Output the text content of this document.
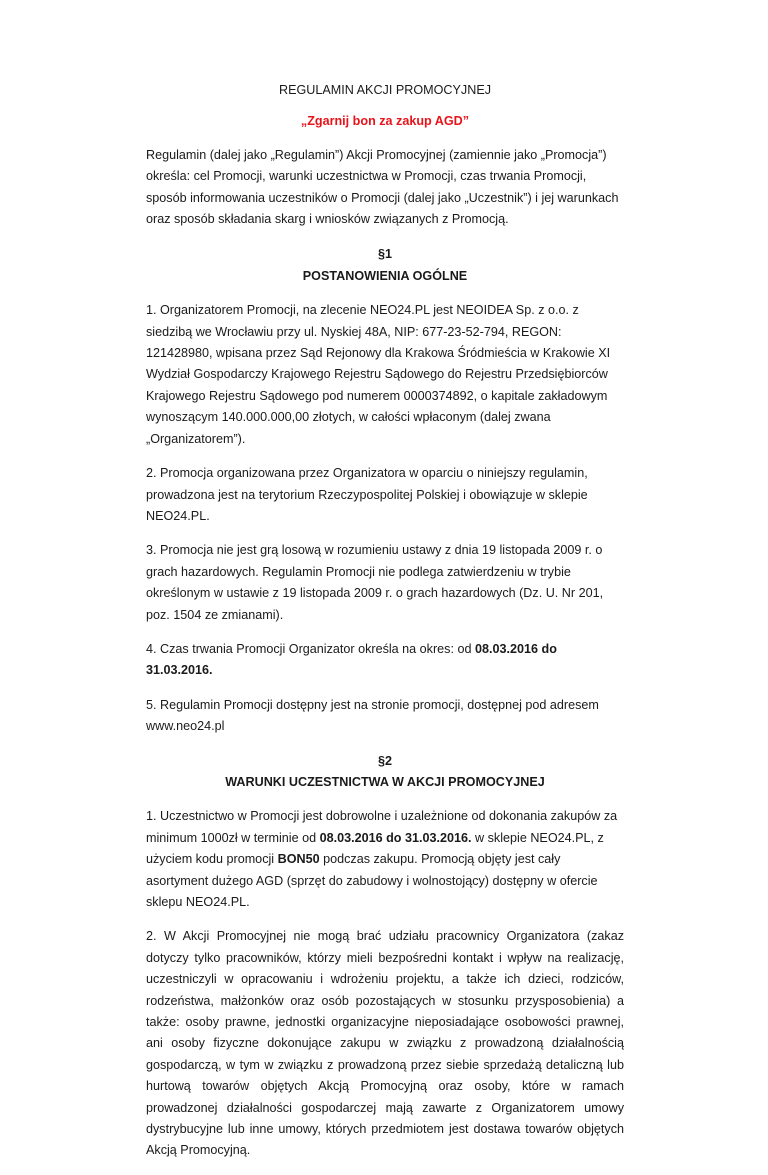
REGULAMIN AKCJI PROMOCYJNEJ

„Zgarnij bon za zakup AGD”

Regulamin (dalej jako „Regulamin”) Akcji Promocyjnej (zamiennie jako „Promocja”) określa: cel Promocji, warunki uczestnictwa w Promocji, czas trwania Promocji, sposób informowania uczestników o Promocji (dalej jako „Uczestnik”) i jej warunkach oraz sposób składania skarg i wniosków związanych z Promocją.

§1
POSTANOWIENIA OGÓLNE

1. Organizatorem Promocji, na zlecenie NEO24.PL jest NEOIDEA Sp. z o.o. z siedzibą we Wrocławiu przy ul. Nyskiej 48A, NIP: 677-23-52-794, REGON: 121428980, wpisana przez Sąd Rejonowy dla Krakowa Śródmieścia w Krakowie XI Wydział Gospodarczy Krajowego Rejestru Sądowego do Rejestru Przedsiębiorców Krajowego Rejestru Sądowego pod numerem 0000374892, o kapitale zakładowym wynoszącym 140.000.000,00 złotych, w całości wpłaconym (dalej zwana „Organizatorem”).

2. Promocja organizowana przez Organizatora w oparciu o niniejszy regulamin, prowadzona jest na terytorium Rzeczypospolitej Polskiej i obowiązuje w sklepie NEO24.PL.

3. Promocja nie jest grą losową w rozumieniu ustawy z dnia 19 listopada 2009 r. o grach hazardowych. Regulamin Promocji nie podlega zatwierdzeniu w trybie określonym w ustawie z 19 listopada 2009 r. o grach hazardowych (Dz. U. Nr 201, poz. 1504 ze zmianami).

4. Czas trwania Promocji Organizator określa na okres: od 08.03.2016 do 31.03.2016.

5. Regulamin Promocji dostępny jest na stronie promocji, dostępnej pod adresem www.neo24.pl

§2
WARUNKI UCZESTNICTWA W AKCJI PROMOCYJNEJ

1. Uczestnictwo w Promocji jest dobrowolne i uzależnione od dokonania zakupów za minimum 1000zł w terminie od 08.03.2016 do 31.03.2016. w sklepie NEO24.PL, z użyciem kodu promocji BON50 podczas zakupu. Promocją objęty jest cały asortyment dużego AGD (sprzęt do zabudowy i wolnostojący) dostępny w ofercie sklepu NEO24.PL.

2. W Akcji Promocyjnej nie mogą brać udziału pracownicy Organizatora (zakaz dotyczy tylko pracowników, którzy mieli bezpośredni kontakt i wpływ na realizację, uczestniczyli w opracowaniu i wdrożeniu projektu, a także ich dzieci, rodziców, rodzeństwa, małżonków oraz osób pozostających w stosunku przysposobienia) a także: osoby prawne, jednostki organizacyjne nieposiadające osobowości prawnej, ani osoby fizyczne dokonujące zakupu w związku z prowadzoną działalnością gospodarczą, w tym w związku z prowadzoną przez siebie sprzedażą detaliczną lub hurtową towarów objętych Akcją Promocyjną oraz osoby, które w ramach prowadzonej działalności gospodarczej mają zawarte z Organizatorem umowy dystrybucyjne lub inne umowy, których przedmiotem jest dostawa towarów objętych Akcją Promocyjną.
